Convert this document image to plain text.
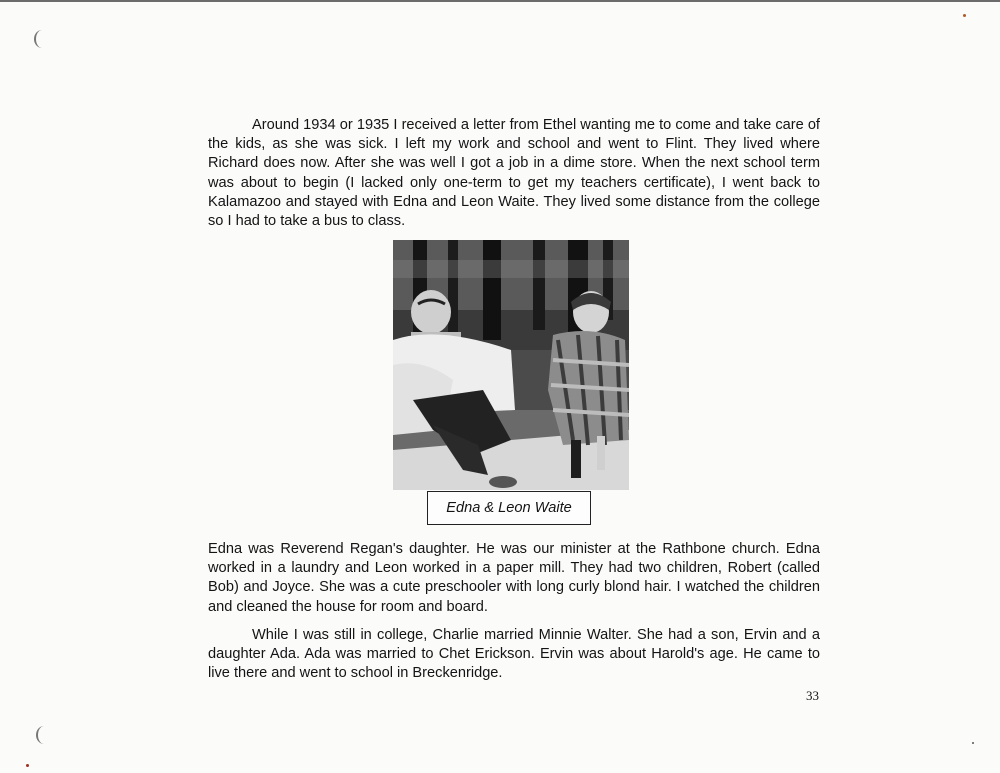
Around 1934 or 1935 I received a letter from Ethel wanting me to come and take care of the kids, as she was sick. I left my work and school and went to Flint. They lived where Richard does now. After she was well I got a job in a dime store. When the next school term was about to begin (I lacked only one-term to get my teachers certificate), I went back to Kalamazoo and stayed with Edna and Leon Waite. They lived some distance from the college so I had to take a bus to class.

Edna & Leon Waite

Edna was Reverend Regan's daughter. He was our minister at the Rathbone church. Edna worked in a laundry and Leon worked in a paper mill. They had two children, Robert (called Bob) and Joyce. She was a cute preschooler with long curly blond hair. I watched the children and cleaned the house for room and board.

While I was still in college, Charlie married Minnie Walter. She had a son, Ervin and a daughter Ada. Ada was married to Chet Erickson. Ervin was about Harold's age. He came to live there and went to school in Breckenridge.

33
